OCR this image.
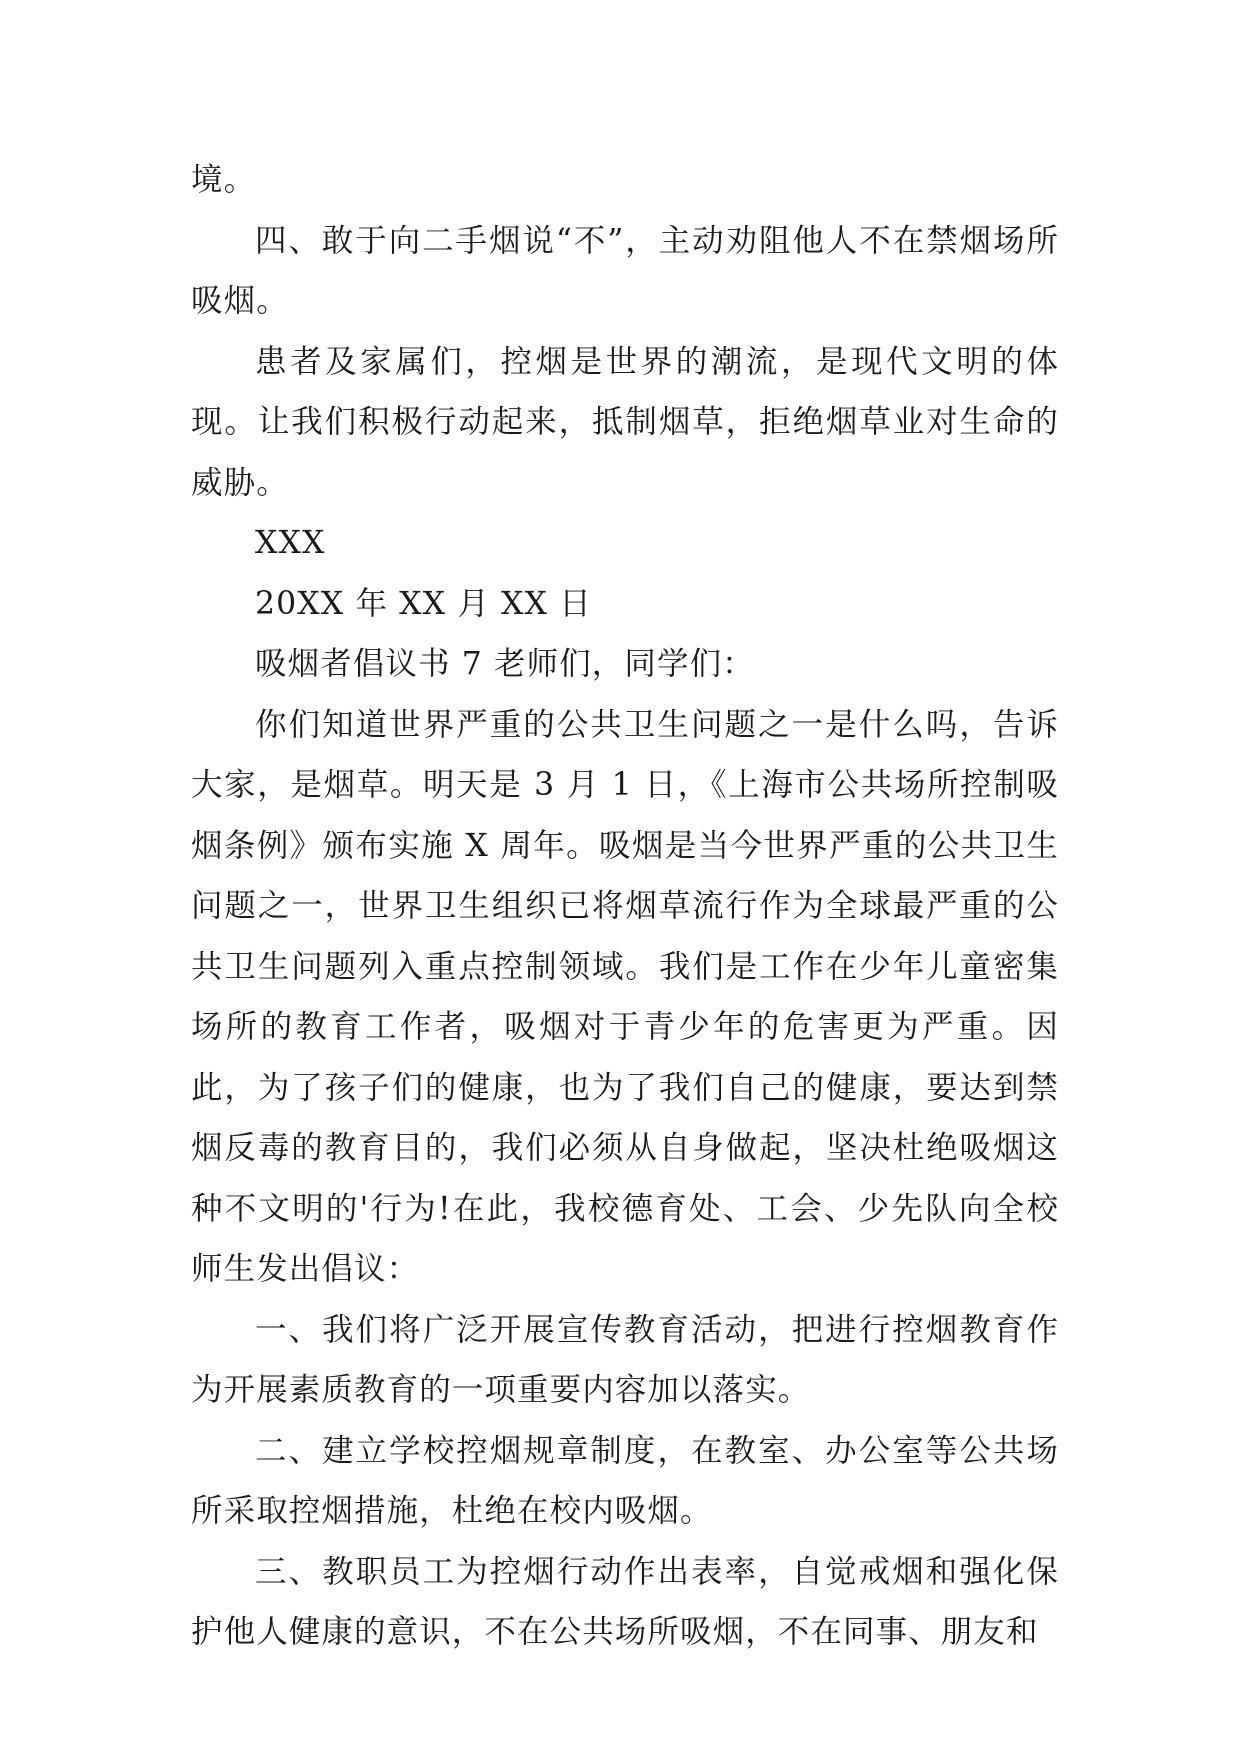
境。

四、敢于向二手烟说“不”，主动劝阻他人不在禁烟场所吸烟。

患者及家属们，控烟是世界的潮流，是现代文明的体现。让我们积极行动起来，抵制烟草，拒绝烟草业对生命的威胁。

XXX

20XX 年 XX 月 XX 日

吸烟者倡议书 7 老师们，同学们：

你们知道世界严重的公共卫生问题之一是什么吗，告诉大家，是烟草。明天是 3 月 1 日，《上海市公共场所控制吸烟条例》颁布实施 X 周年。吸烟是当今世界严重的公共卫生问题之一，世界卫生组织已将烟草流行作为全球最严重的公共卫生问题列入重点控制领域。我们是工作在少年儿童密集场所的教育工作者，吸烟对于青少年的危害更为严重。因此，为了孩子们的健康，也为了我们自己的健康，要达到禁烟反毒的教育目的，我们必须从自身做起，坚决杜绝吸烟这种不文明的'行为!在此，我校德育处、工会、少先队向全校师生发出倡议：

一、我们将广泛开展宣传教育活动，把进行控烟教育作为开展素质教育的一项重要内容加以落实。

二、建立学校控烟规章制度，在教室、办公室等公共场所采取控烟措施，杜绝在校内吸烟。

三、教职员工为控烟行动作出表率，自觉戒烟和强化保护他人健康的意识，不在公共场所吸烟，不在同事、朋友和
